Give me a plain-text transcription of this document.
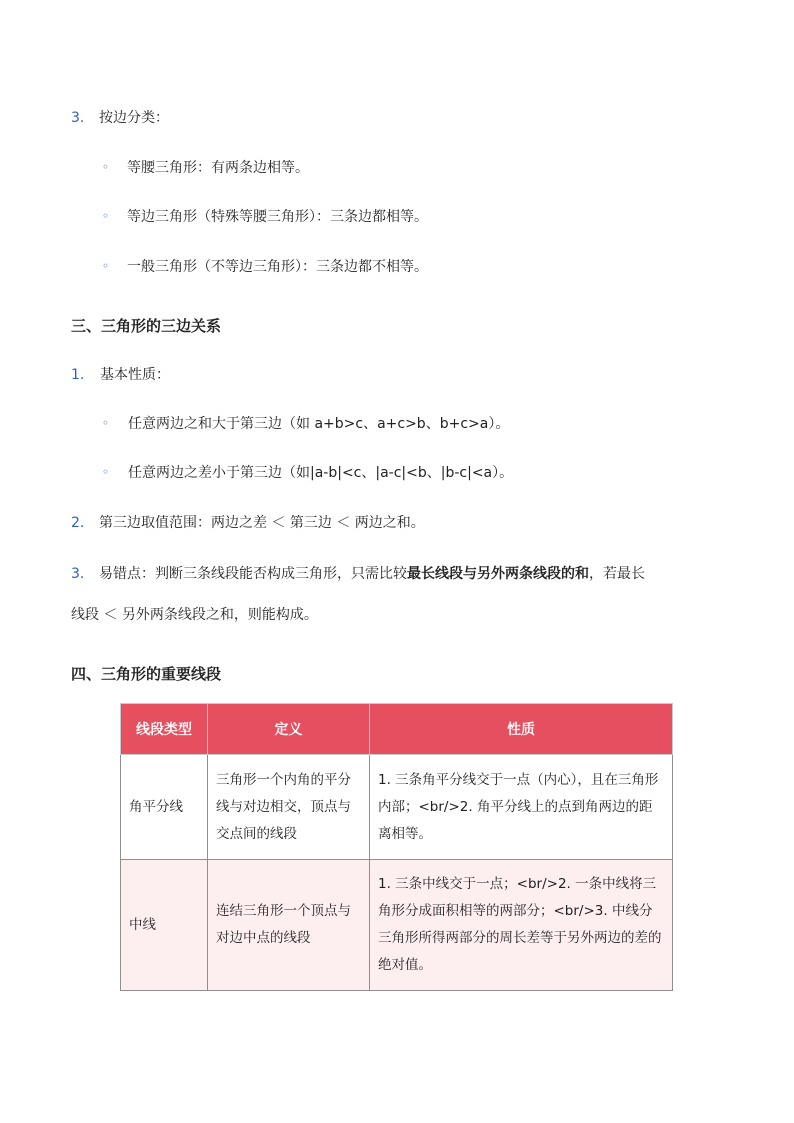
3. 按边分类：
◦ 等腰三角形：有两条边相等。
◦ 等边三角形（特殊等腰三角形）：三条边都相等。
◦ 一般三角形（不等边三角形）：三条边都不相等。
三、三角形的三边关系
1. 基本性质：
◦ 任意两边之和大于第三边（如 a+b>c、a+c>b、b+c>a）。
◦ 任意两边之差小于第三边（如|a-b|<c、|a-c|<b、|b-c|<a）。
2. 第三边取值范围：两边之差 ＜ 第三边 ＜ 两边之和。
3. 易错点：判断三条线段能否构成三角形，只需比较最长线段与另外两条线段的和，若最长
线段 ＜ 另外两条线段之和，则能构成。
四、三角形的重要线段
线段类型	定义	性质
角平分线	三角形一个内角的平分线与对边相交，顶点与交点间的线段	1. 三条角平分线交于一点（内心），且在三角形内部；<br/>2. 角平分线上的点到角两边的距离相等。
中线	连结三角形一个顶点与对边中点的线段	1. 三条中线交于一点；<br/>2. 一条中线将三角形分成面积相等的两部分；<br/>3. 中线分三角形所得两部分的周长差等于另外两边的差的绝对值。
